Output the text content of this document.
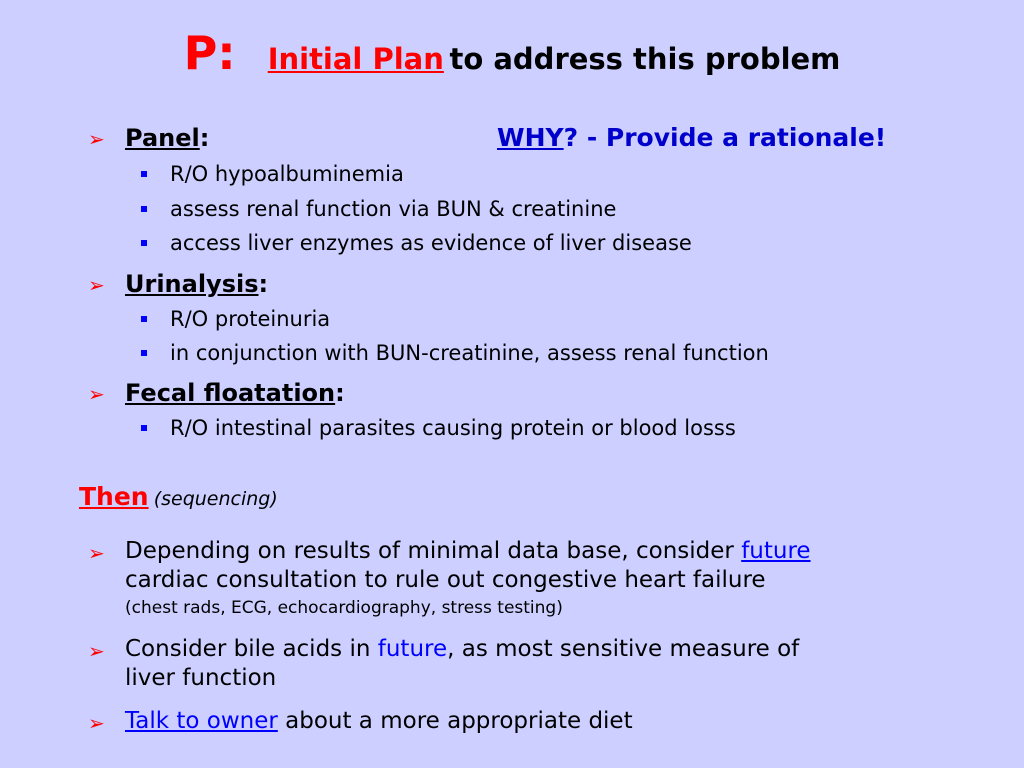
P: Initial Plan to address this problem
➢ Panel:	WHY? - Provide a rationale!
R/O hypoalbuminemia
assess renal function via BUN & creatinine
access liver enzymes as evidence of liver disease
➢ Urinalysis:
R/O proteinuria
in conjunction with BUN-creatinine, assess renal function
➢ Fecal floatation:
R/O intestinal parasites causing protein or blood losss
Then (sequencing)
➢ Depending on results of minimal data base, consider future
cardiac consultation to rule out congestive heart failure
(chest rads, ECG, echocardiography, stress testing)
➢ Consider bile acids in future, as most sensitive measure of
liver function
➢ Talk to owner about a more appropriate diet
